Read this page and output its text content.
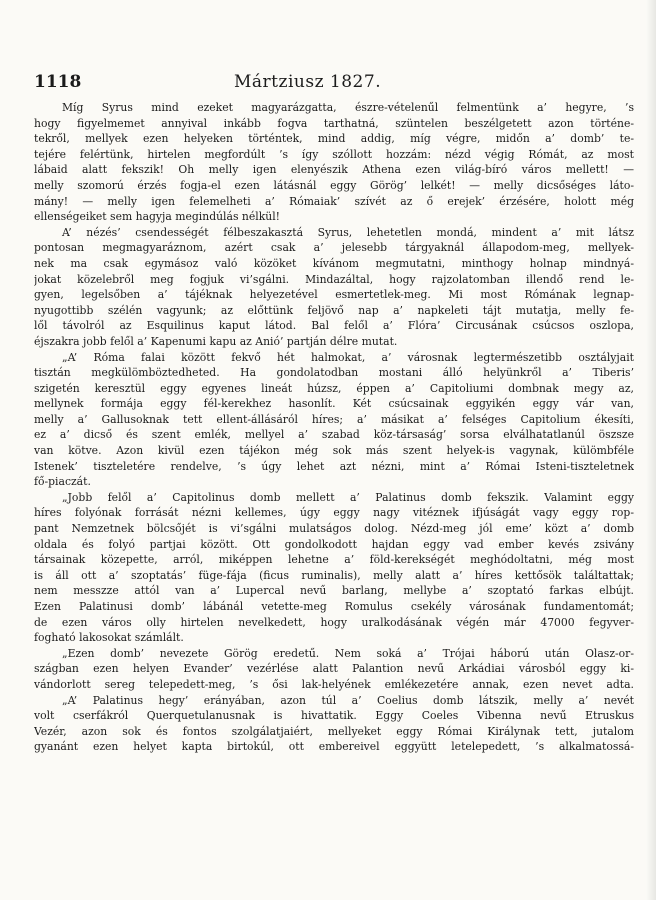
1118	Mártziusz 1827.
Míg Syrus mind ezeket magyarázgatta, észre-vételenűl felmentünk a’ hegyre, ’s
hogy figyelmemet annyival inkább fogva tarthatná, szüntelen beszélgetett azon történe-
tekről, mellyek ezen helyeken történtek, mind addig, míg végre, midőn a’ domb’ te-
tejére felértünk, hirtelen megfordúlt ’s így szóllott hozzám: nézd végig Rómát, az most
lábaid alatt fekszik! Oh melly igen elenyészik Athena ezen világ-bíró város mellett! —
melly szomorú érzés fogja-el ezen látásnál eggy Görög’ lelkét! — melly dicsőséges láto-
mány! — melly igen felemelheti a’ Rómaiak’ szívét az ő erejek’ érzésére, holott még
ellenségeiket sem hagyja megindúlás nélkül!
A’ nézés’ csendességét félbeszakasztá Syrus, lehetetlen mondá, mindent a’ mit látsz
pontosan megmagyaráznom, azért csak a’ jelesebb tárgyaknál állapodom-meg, mellyek-
nek ma csak egymásoz való közöket kívánom megmutatni, minthogy holnap mindnyá-
jokat közelebről meg fogjuk vi’sgálni. Mindazáltal, hogy rajzolatomban illendő rend le-
gyen, legelsőben a’ tájéknak helyezetével esmertetlek-meg. Mi most Rómának legnap-
nyugottibb szélén vagyunk; az előttünk feljövő nap a’ napkeleti tájt mutatja, melly fe-
lől távolról az Esquilinus kaput látod. Bal felől a’ Flóra’ Circusának csúcsos oszlopa,
éjszakra jobb felől a’ Kapenumi kapu az Anió’ partján délre mutat.
„A’ Róma falai között fekvő hét halmokat, a’ városnak legtermészetibb osztályjait
tisztán megkülömböztedheted. Ha gondolatodban mostani álló helyünkről a’ Tiberis’
szigetén keresztül eggy egyenes lineát húzsz, éppen a’ Capitoliumi dombnak megy az,
mellynek formája eggy fél-kerekhez hasonlít. Két csúcsainak eggyikén eggy vár van,
melly a’ Gallusoknak tett ellent-állásáról híres; a’ másikat a’ felséges Capitolium ékesíti,
ez a’ dicső és szent emlék, mellyel a’ szabad köz-társaság’ sorsa elválhatatlanúl öszsze
van kötve. Azon kivül ezen tájékon még sok más szent helyek-is vagynak, külömbféle
Istenek’ tiszteletére rendelve, ’s úgy lehet azt nézni, mint a’ Római Isteni-tiszteletnek
fő-piaczát.
„Jobb felől a’ Capitolinus domb mellett a’ Palatinus domb fekszik. Valamint eggy
híres folyónak forrását nézni kellemes, úgy eggy nagy vitéznek ifjúságát vagy eggy rop-
pant Nemzetnek bölcsőjét is vi’sgálni mulatságos dolog. Nézd-meg jól eme’ közt a’ domb
oldala és folyó partjai között. Ott gondolkodott hajdan eggy vad ember kevés zsivány
társainak közepette, arról, miképpen lehetne a’ föld-kerekségét meghódoltatni, még most
is áll ott a’ szoptatás’ füge-fája (ficus ruminalis), melly alatt a’ híres kettősök találtattak;
nem messzze attól van a’ Lupercal nevű barlang, mellybe a’ szoptató farkas elbújt.
Ezen Palatinusi domb’ lábánál vetette-meg Romulus csekély városának fundamentomát;
de ezen város olly hirtelen nevelkedett, hogy uralkodásának végén már 47000 fegyver-
fogható lakosokat számlált.
„Ezen domb’ nevezete Görög eredetű. Nem soká a’ Trójai háború után Olasz-or-
szágban ezen helyen Evander’ vezérlése alatt Palantion nevű Arkádiai városból eggy ki-
vándorlott sereg telepedett-meg, ’s ősi lak-helyének emlékezetére annak, ezen nevet adta.
„A’ Palatinus hegy’ erányában, azon túl a’ Coelius domb látszik, melly a’ nevét
volt cserfákról Querquetulanusnak is hivattatik. Eggy Coeles Vibenna nevű Etruskus
Vezér, azon sok és fontos szolgálatjaiért, mellyeket eggy Római Királynak tett, jutalom
gyanánt ezen helyet kapta birtokúl, ott embereivel eggyütt letelepedett, ’s alkalmatossá-
